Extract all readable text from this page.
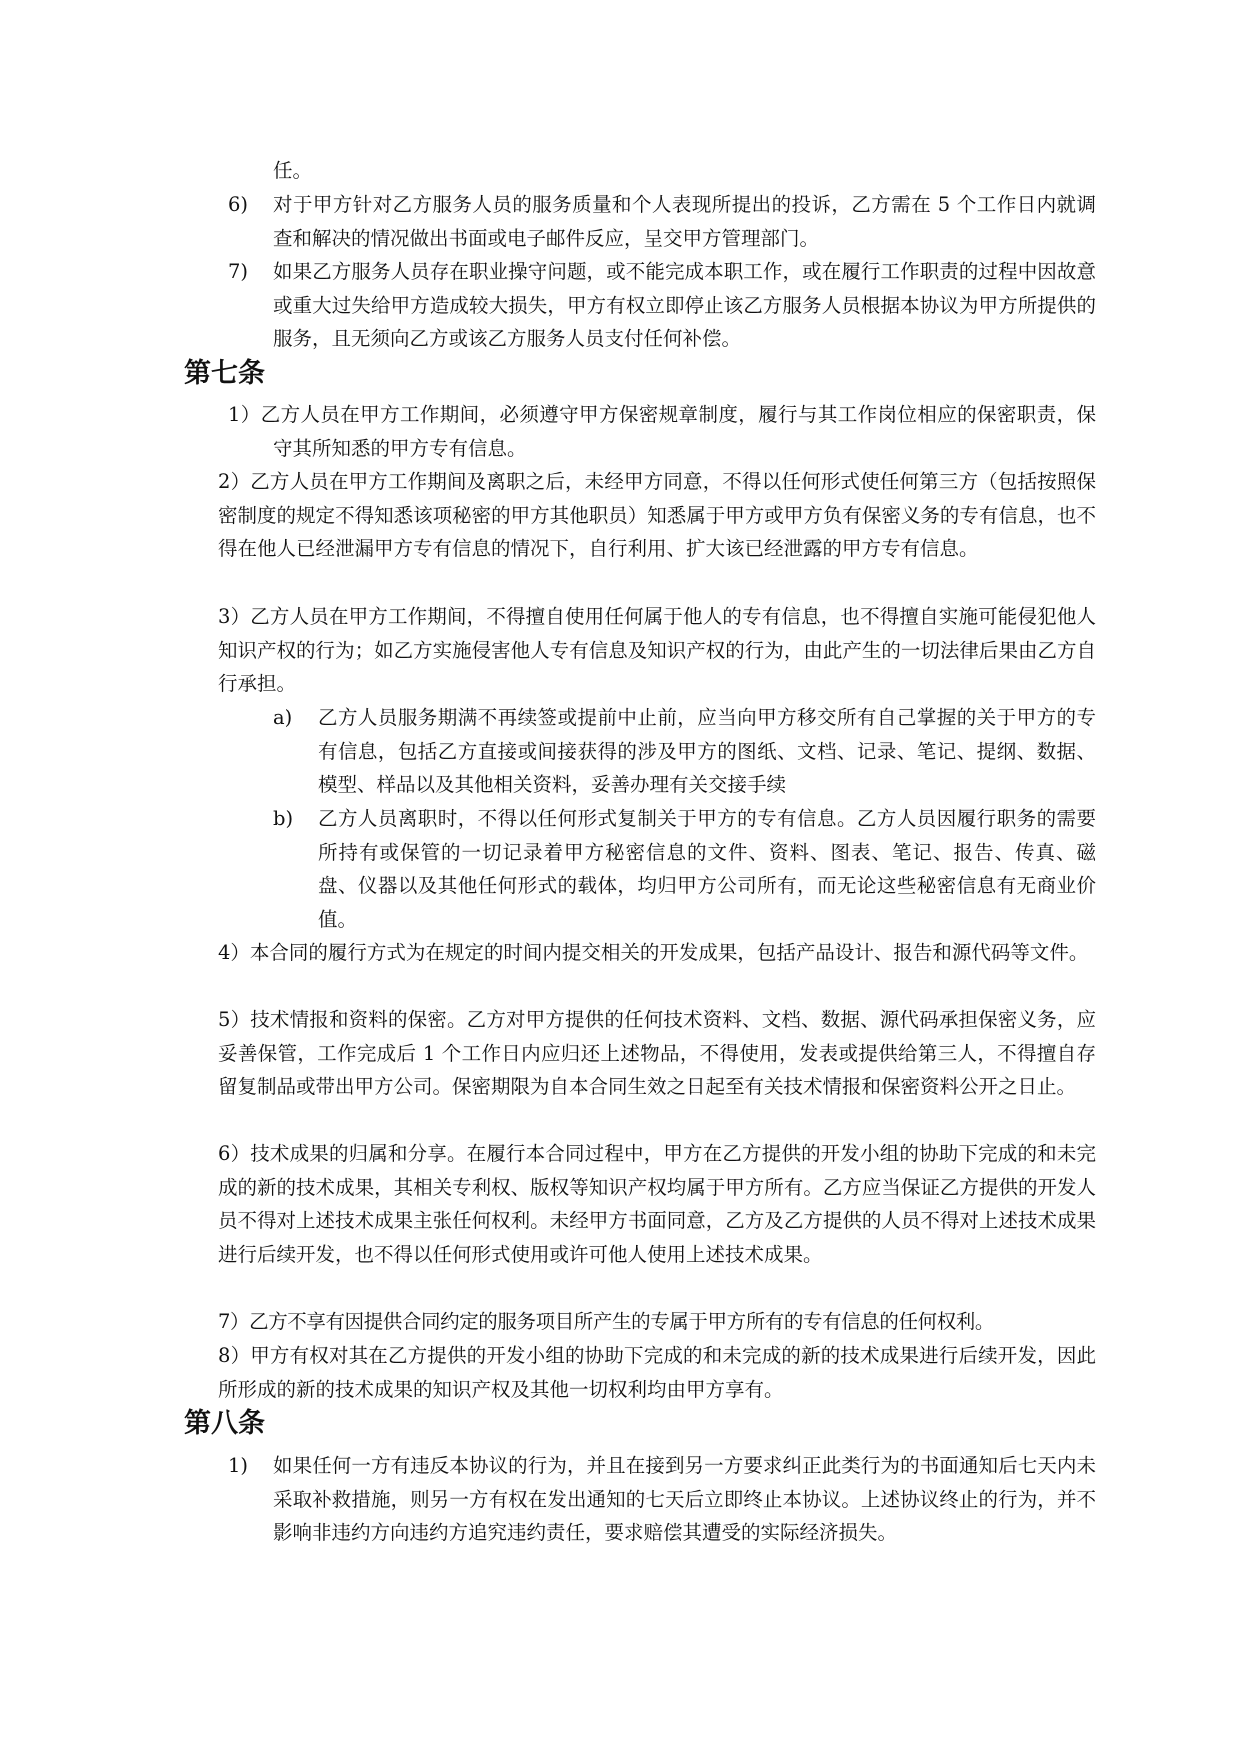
任。

6)	对于甲方针对乙方服务人员的服务质量和个人表现所提出的投诉，乙方需在 5 个工作日内就调查和解决的情况做出书面或电子邮件反应，呈交甲方管理部门。
7)	如果乙方服务人员存在职业操守问题，或不能完成本职工作，或在履行工作职责的过程中因故意或重大过失给甲方造成较大损失，甲方有权立即停止该乙方服务人员根据本协议为甲方所提供的服务，且无须向乙方或该乙方服务人员支付任何补偿。
第七条

1）乙方人员在甲方工作期间，必须遵守甲方保密规章制度，履行与其工作岗位相应的保密职责，保守其所知悉的甲方专有信息。

2）乙方人员在甲方工作期间及离职之后，未经甲方同意，不得以任何形式使任何第三方（包括按照保密制度的规定不得知悉该项秘密的甲方其他职员）知悉属于甲方或甲方负有保密义务的专有信息，也不得在他人已经泄漏甲方专有信息的情况下，自行利用、扩大该已经泄露的甲方专有信息。

3）乙方人员在甲方工作期间，不得擅自使用任何属于他人的专有信息，也不得擅自实施可能侵犯他人知识产权的行为；如乙方实施侵害他人专有信息及知识产权的行为，由此产生的一切法律后果由乙方自行承担。

a)	乙方人员服务期满不再续签或提前中止前，应当向甲方移交所有自己掌握的关于甲方的专有信息，包括乙方直接或间接获得的涉及甲方的图纸、文档、记录、笔记、提纲、数据、模型、样品以及其他相关资料，妥善办理有关交接手续
b)	乙方人员离职时，不得以任何形式复制关于甲方的专有信息。乙方人员因履行职务的需要所持有或保管的一切记录着甲方秘密信息的文件、资料、图表、笔记、报告、传真、磁盘、仪器以及其他任何形式的载体，均归甲方公司所有，而无论这些秘密信息有无商业价值。

4）本合同的履行方式为在规定的时间内提交相关的开发成果，包括产品设计、报告和源代码等文件。

5）技术情报和资料的保密。乙方对甲方提供的任何技术资料、文档、数据、源代码承担保密义务，应妥善保管，工作完成后 1 个工作日内应归还上述物品，不得使用，发表或提供给第三人，不得擅自存留复制品或带出甲方公司。保密期限为自本合同生效之日起至有关技术情报和保密资料公开之日止。

6）技术成果的归属和分享。在履行本合同过程中，甲方在乙方提供的开发小组的协助下完成的和未完成的新的技术成果，其相关专利权、版权等知识产权均属于甲方所有。乙方应当保证乙方提供的开发人员不得对上述技术成果主张任何权利。未经甲方书面同意，乙方及乙方提供的人员不得对上述技术成果进行后续开发，也不得以任何形式使用或许可他人使用上述技术成果。

7）乙方不享有因提供合同约定的服务项目所产生的专属于甲方所有的专有信息的任何权利。

8）甲方有权对其在乙方提供的开发小组的协助下完成的和未完成的新的技术成果进行后续开发，因此所形成的新的技术成果的知识产权及其他一切权利均由甲方享有。

第八条
1)	如果任何一方有违反本协议的行为，并且在接到另一方要求纠正此类行为的书面通知后七天内未采取补救措施，则另一方有权在发出通知的七天后立即终止本协议。上述协议终止的行为，并不影响非违约方向违约方追究违约责任，要求赔偿其遭受的实际经济损失。
